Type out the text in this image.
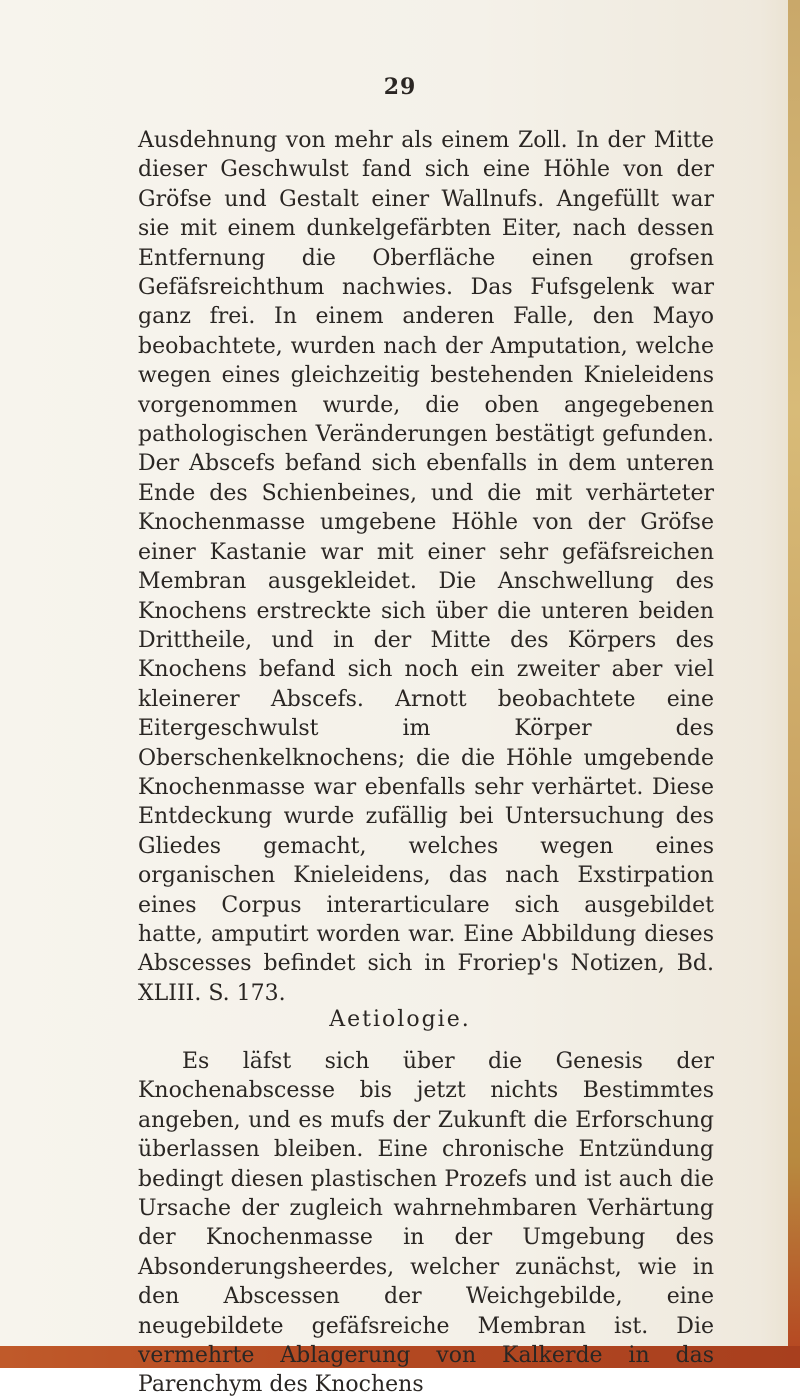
29

Ausdehnung von mehr als einem Zoll. In der Mitte dieser Geschwulst fand sich eine Höhle von der Gröfse und Gestalt einer Wallnufs. Angefüllt war sie mit einem dunkelgefärbten Eiter, nach dessen Entfernung die Oberfläche einen grofsen Gefäfsreichthum nachwies. Das Fufsgelenk war ganz frei. In einem anderen Falle, den Mayo beobachtete, wurden nach der Amputation, welche wegen eines gleichzeitig bestehenden Knieleidens vorgenommen wurde, die oben angegebenen pathologischen Veränderungen bestätigt gefunden. Der Abscefs befand sich ebenfalls in dem unteren Ende des Schienbeines, und die mit verhärteter Knochenmasse umgebene Höhle von der Gröfse einer Kastanie war mit einer sehr gefäfsreichen Membran ausgekleidet. Die Anschwellung des Knochens erstreckte sich über die unteren beiden Drittheile, und in der Mitte des Körpers des Knochens befand sich noch ein zweiter aber viel kleinerer Abscefs. Arnott beobachtete eine Eitergeschwulst im Körper des Oberschenkelknochens; die die Höhle umgebende Knochenmasse war ebenfalls sehr verhärtet. Diese Entdeckung wurde zufällig bei Untersuchung des Gliedes gemacht, welches wegen eines organischen Knieleidens, das nach Exstirpation eines Corpus interarticulare sich ausgebildet hatte, amputirt worden war. Eine Abbildung dieses Abscesses befindet sich in Froriep's Notizen, Bd. XLIII. S. 173.

Aetiologie.

Es läfst sich über die Genesis der Knochenabscesse bis jetzt nichts Bestimmtes angeben, und es mufs der Zukunft die Erforschung überlassen bleiben. Eine chronische Entzündung bedingt diesen plastischen Prozefs und ist auch die Ursache der zugleich wahrnehmbaren Verhärtung der Knochenmasse in der Umgebung des Absonderungsheerdes, welcher zunächst, wie in den Abscessen der Weichgebilde, eine neugebildete gefäfsreiche Membran ist. Die vermehrte Ablagerung von Kalkerde in das Parenchym des Knochens
